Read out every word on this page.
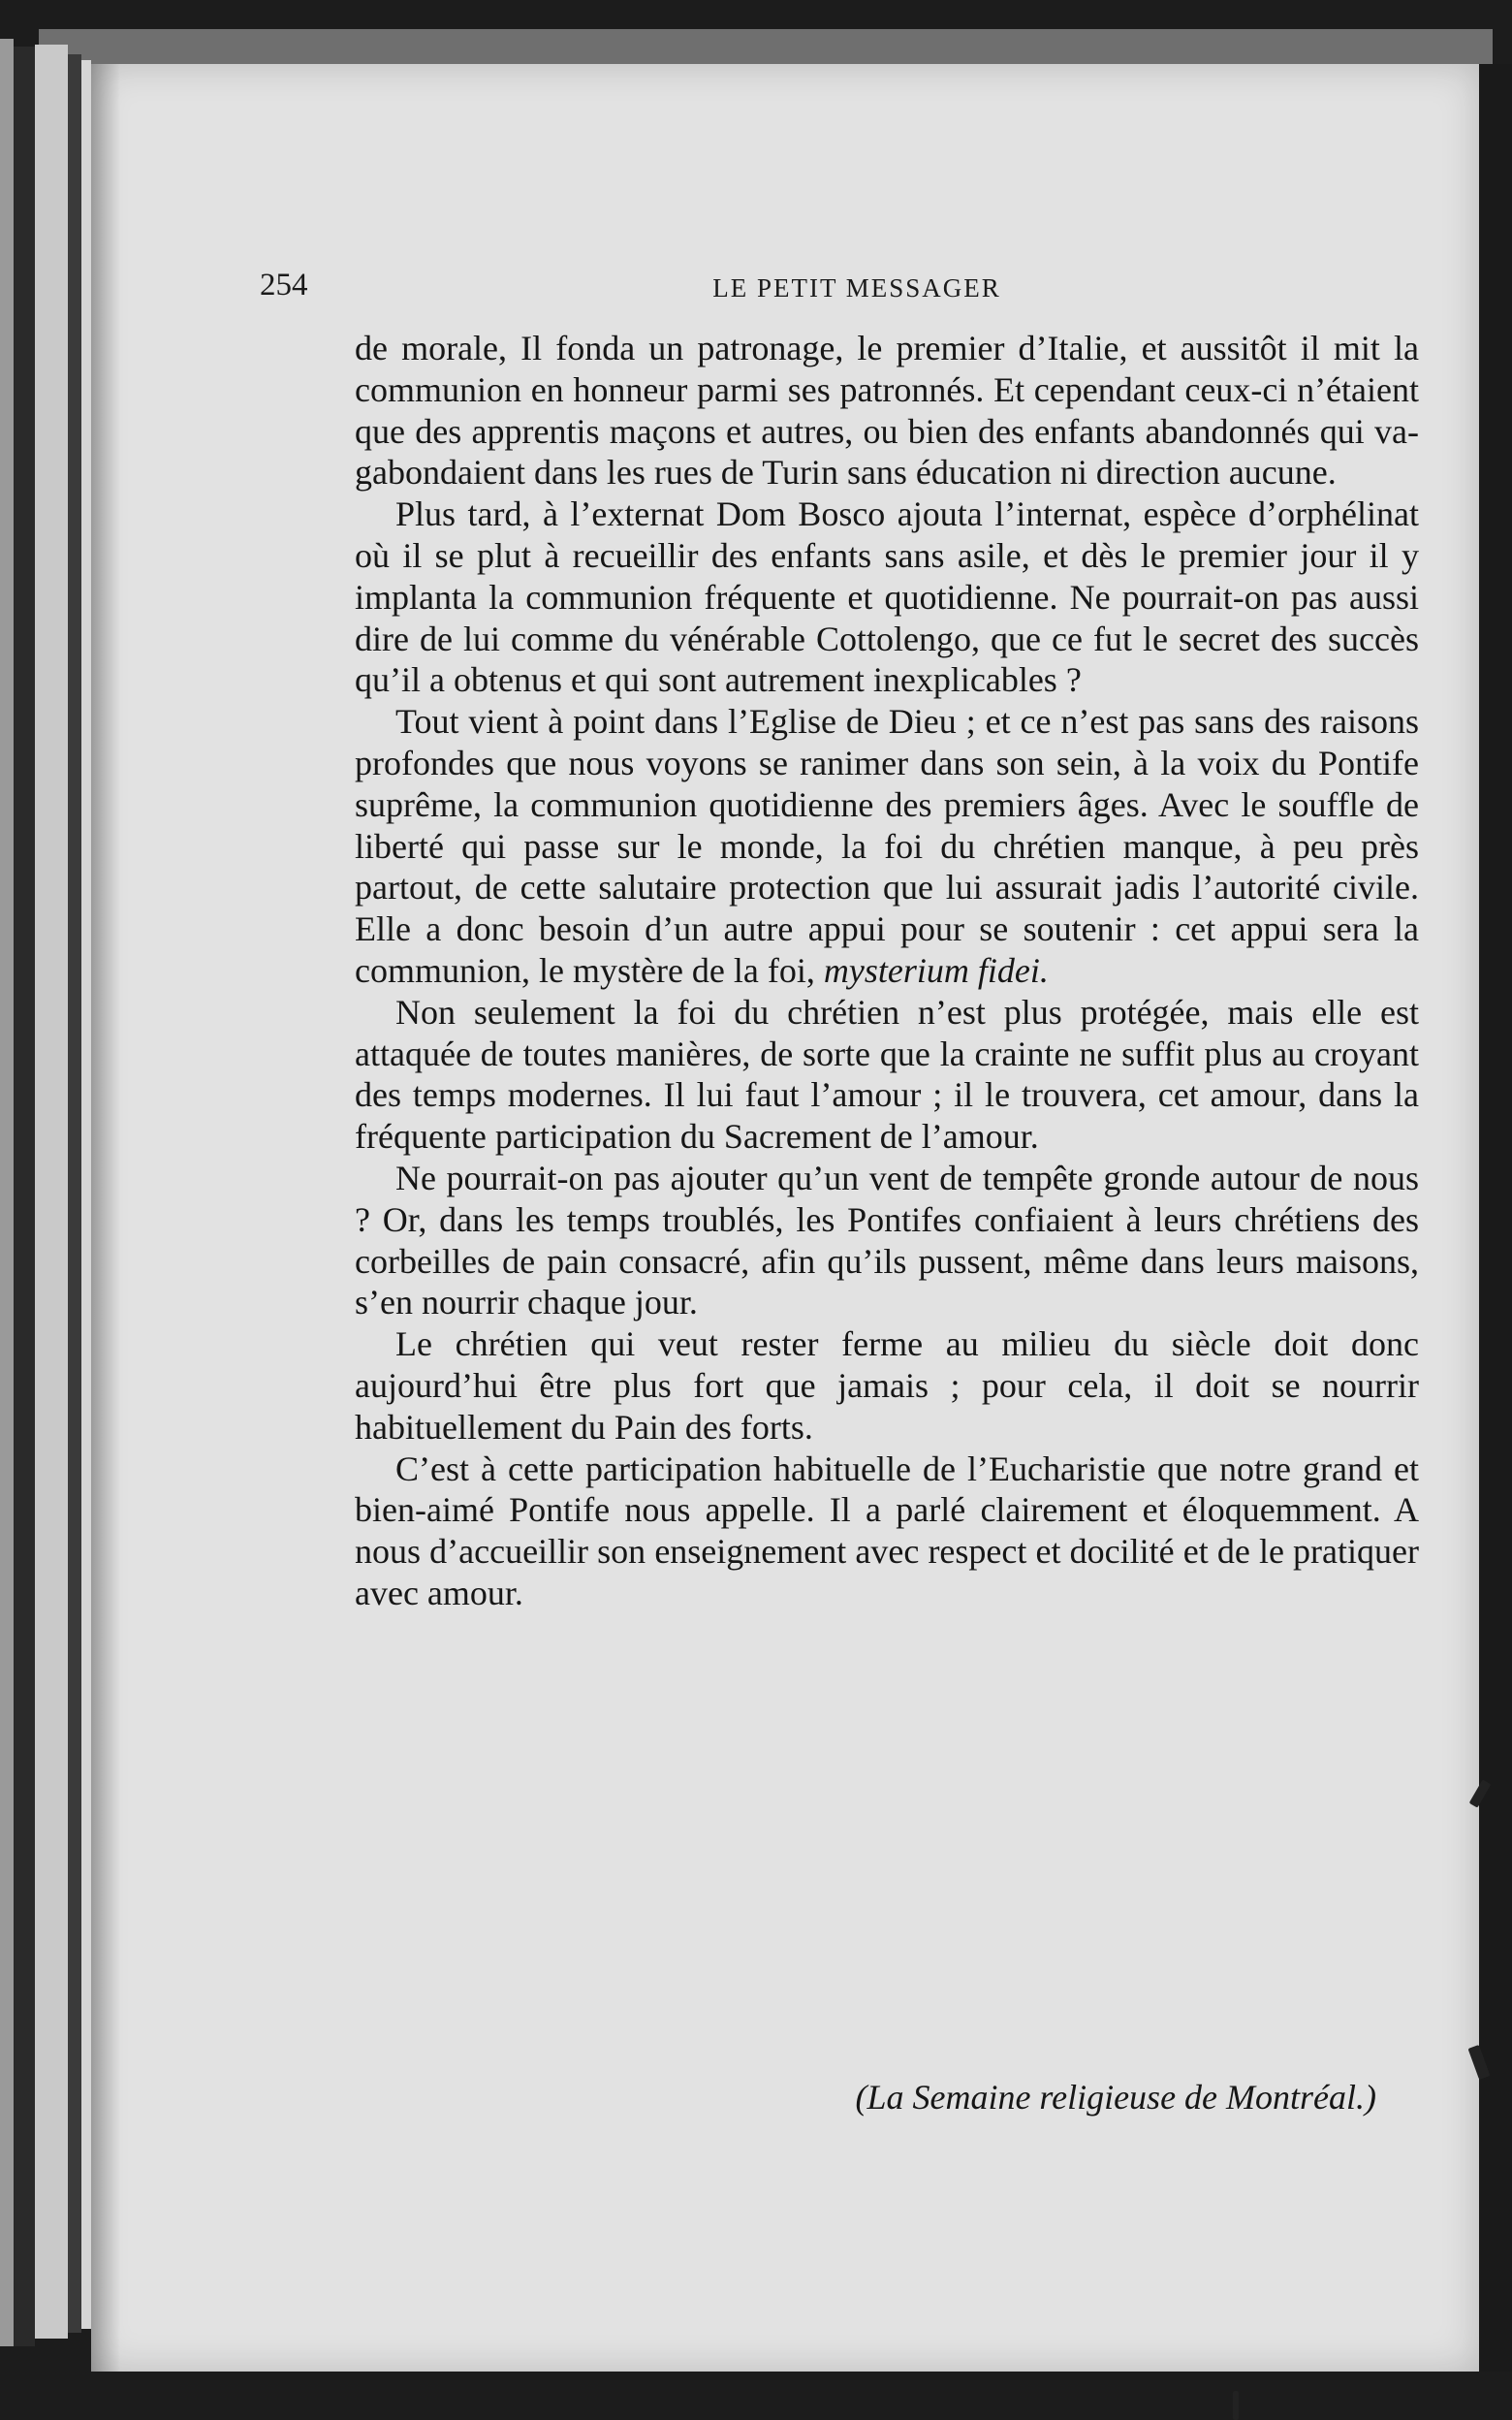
254	LE PETIT MESSAGER

de morale, Il fonda un patronage, le premier d’Italie, et aussitôt il mit la communion en honneur parmi ses patronnés. Et cependant ceux-ci n’étaient que des apprentis maçons et autres, ou bien des enfants abandonnés qui vagabondaient dans les rues de Turin sans éducation ni direction aucune.

Plus tard, à l’externat Dom Bosco ajouta l’internat, espèce d’orphélinat où il se plut à recueillir des enfants sans asile, et dès le premier jour il y implanta la communion fréquente et quotidienne. Ne pourrait-on pas aussi dire de lui comme du vénérable Cottolengo, que ce fut le secret des succès qu’il a obtenus et qui sont autrement inexplicables ?

Tout vient à point dans l’Eglise de Dieu ; et ce n’est pas sans des raisons profondes que nous voyons se ranimer dans son sein, à la voix du Pontife suprême, la communion quotidienne des premiers âges. Avec le souffle de liberté qui passe sur le monde, la foi du chrétien manque, à peu près partout, de cette salutaire protection que lui assurait jadis l’autorité civile. Elle a donc besoin d’un autre appui pour se soutenir : cet appui sera la communion, le mystère de la foi, mysterium fidei.

Non seulement la foi du chrétien n’est plus protégée, mais elle est attaquée de toutes manières, de sorte que la crainte ne suffit plus au croyant des temps modernes. Il lui faut l’amour ; il le trouvera, cet amour, dans la fréquente participation du Sacrement de l’amour.

Ne pourrait-on pas ajouter qu’un vent de tempête gronde autour de nous ? Or, dans les temps troublés, les Pontifes confiaient à leurs chrétiens des corbeilles de pain consacré, afin qu’ils pussent, même dans leurs maisons, s’en nourrir chaque jour.

Le chrétien qui veut rester ferme au milieu du siècle doit donc aujourd’hui être plus fort que jamais ; pour cela, il doit se nourrir habituellement du Pain des forts.

C’est à cette participation habituelle de l’Eucharistie que notre grand et bien-aimé Pontife nous appelle. Il a parlé clairement et éloquemment. A nous d’accueillir son enseignement avec respect et docilité et de le pratiquer avec amour.

(La Semaine religieuse de Montréal.)
